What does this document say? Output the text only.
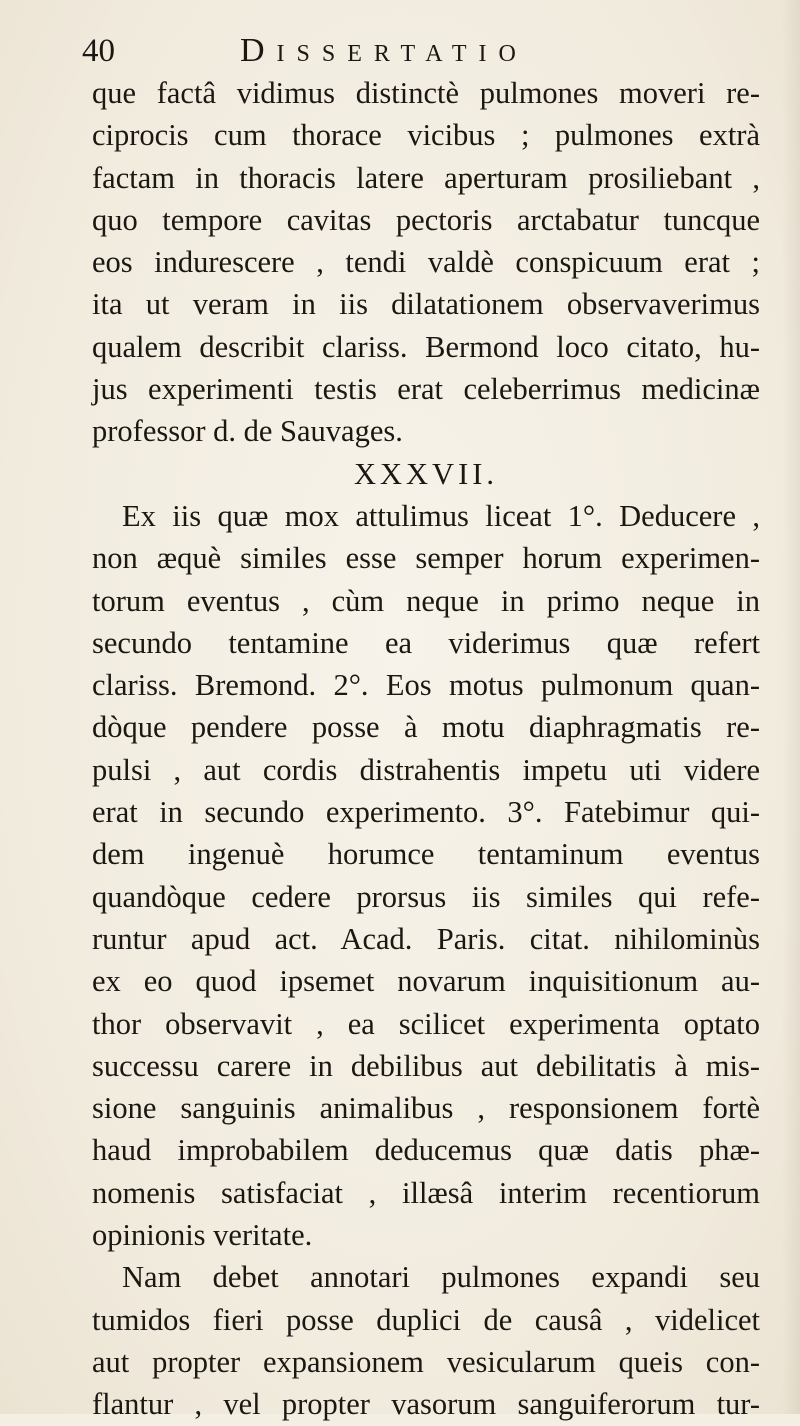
40	Dissertatio
que factâ vidimus distinctè pulmones moveri re-
ciprocis cum thorace vicibus ; pulmones extrà
factam in thoracis latere aperturam prosiliebant ,
quo tempore cavitas pectoris arctabatur tuncque
eos indurescere , tendi valdè conspicuum erat ;
ita ut veram in iis dilatationem observaverimus
qualem describit clariss. Bermond loco citato, hu-
jus experimenti testis erat celeberrimus medicinæ
professor d. de Sauvages.
XXXVII.
Ex iis quæ mox attulimus liceat 1°. Deducere ,
non æquè similes esse semper horum experimen-
torum eventus , cùm neque in primo neque in
secundo tentamine ea viderimus quæ refert
clariss. Bremond. 2°. Eos motus pulmonum quan-
dòque pendere posse à motu diaphragmatis re-
pulsi , aut cordis distrahentis impetu uti videre
erat in secundo experimento. 3°. Fatebimur qui-
dem ingenuè horumce tentaminum eventus
quandòque cedere prorsus iis similes qui refe-
runtur apud act. Acad. Paris. citat. nihilominùs
ex eo quod ipsemet novarum inquisitionum au-
thor observavit , ea scilicet experimenta optato
successu carere in debilibus aut debilitatis à mis-
sione sanguinis animalibus , responsionem fortè
haud improbabilem deducemus quæ datis phæ-
nomenis satisfaciat , illæsâ interim recentiorum
opinionis veritate.
Nam debet annotari pulmones expandi seu
tumidos fieri posse duplici de causâ , videlicet
aut propter expansionem vesicularum queis con-
flantur , vel propter vasorum sanguiferorum tur-
